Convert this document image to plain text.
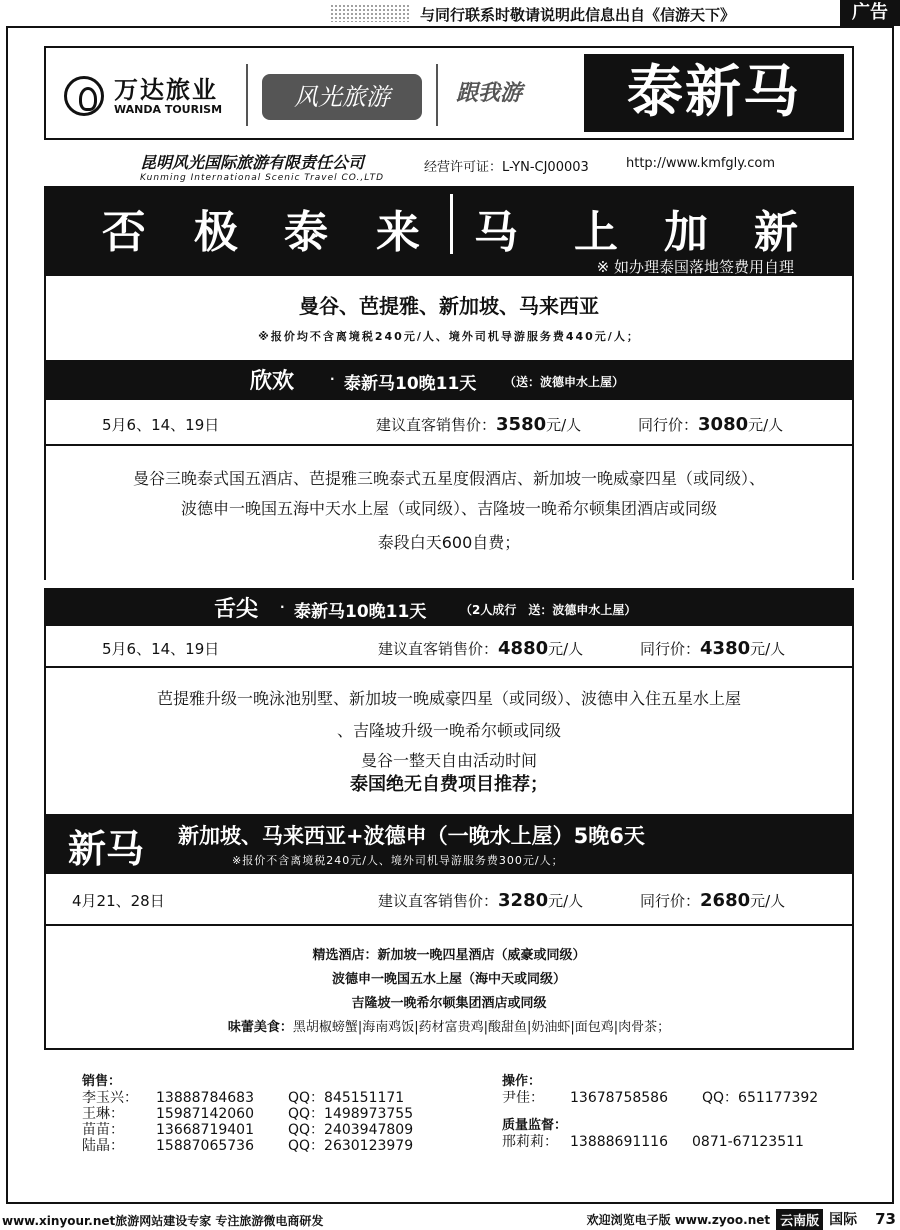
与同行联系时敬请说明此信息出自《信游天下》	广告
万达旅业
WANDA TOURISM	风光旅游	跟我游	泰新马
昆明风光国际旅游有限责任公司
Kunming International Scenic Travel CO.,LTD
经营许可证：L-YN-CJ00003	http://www.kmfgly.com
否 极 泰 来 马 上 加 新
※ 如办理泰国落地签费用自理
曼谷、芭提雅、新加坡、马来西亚
※报价均不含离境税240元/人、境外司机导游服务费440元/人；
欣欢	· 泰新马10晚11天 （送：波德申水上屋）
5月6、14、19日	建议直客销售价：3580元/人	同行价：3080元/人
曼谷三晚泰式国五酒店、芭提雅三晚泰式五星度假酒店、新加坡一晚威豪四星（或同级）、
波德申一晚国五海中天水上屋（或同级）、吉隆坡一晚希尔顿集团酒店或同级
泰段白天600自费；
舌尖 · 泰新马10晚11天	（2人成行　送：波德申水上屋）
5月6、14、19日	建议直客销售价：4880元/人	同行价：4380元/人
芭提雅升级一晚泳池别墅、新加坡一晚威豪四星（或同级）、波德申入住五星水上屋
、吉隆坡升级一晚希尔顿或同级
曼谷一整天自由活动时间
泰国绝无自费项目推荐；
新马 新加坡、马来西亚+波德申（一晚水上屋）5晚6天
※报价不含离境税240元/人、境外司机导游服务费300元/人；
4月21、28日	建议直客销售价：3280元/人	同行价：2680元/人
精选酒店：新加坡一晚四星酒店（威豪或同级）
波德申一晚国五水上屋（海中天或同级）
吉隆坡一晚希尔顿集团酒店或同级
味蕾美食：黑胡椒螃蟹|海南鸡饭|药材富贵鸡|酸甜鱼|奶油虾|面包鸡|肉骨茶；
销售：
李玉兴：	13888784683	QQ：845151171
王琳：	15987142060	QQ：1498973755
苗苗：	13668719401	QQ：2403947809
陆晶：	15887065736	QQ：2630123979
操作：
尹佳：	13678758586	QQ：651177392
质量监督：
邢莉莉： 13888691116	0871-67123511
www.xinyour.net旅游网站建设专家 专注旅游微电商研发	欢迎浏览电子版 www.zyoo.net 云南版 国际 73
